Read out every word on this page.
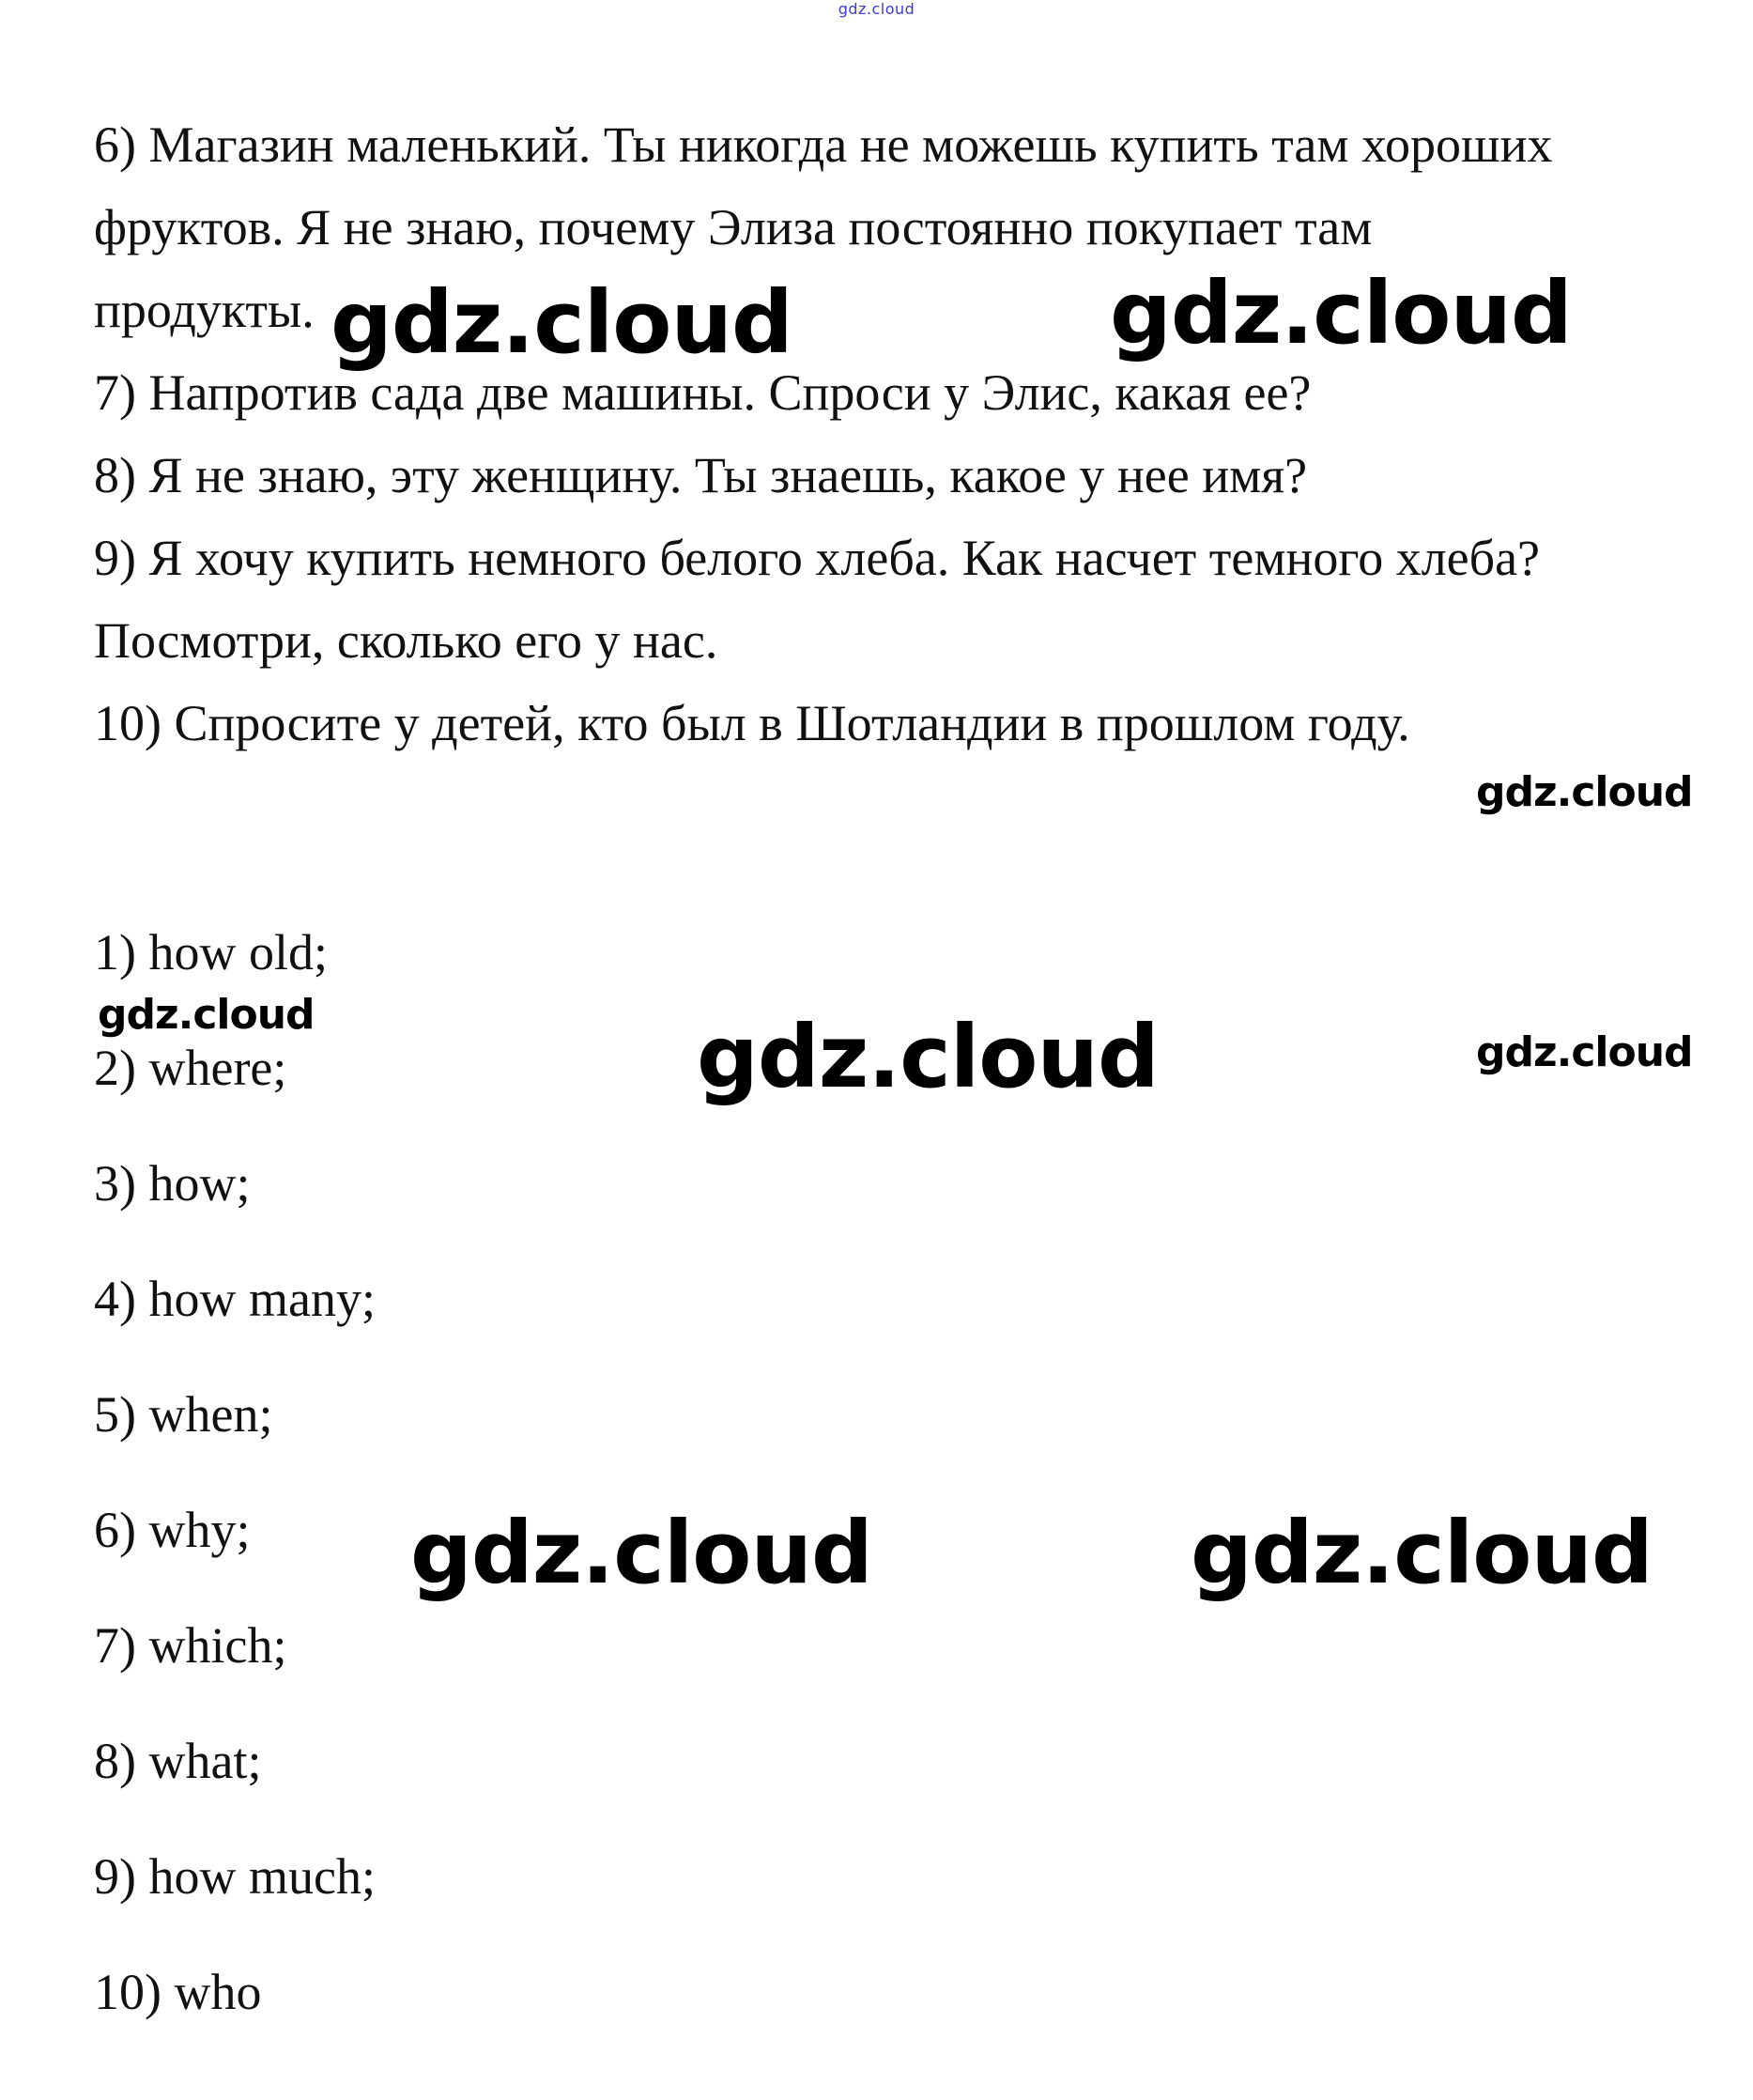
gdz.cloud

6) Магазин маленький. Ты никогда не можешь купить там хороших

фруктов. Я не знаю, почему Элиза постоянно покупает там

продукты.

7) Напротив сада две машины. Спроси у Элис, какая ее?

8) Я не знаю, эту женщину. Ты знаешь, какое у нее имя?

9) Я хочу купить немного белого хлеба. Как насчет темного хлеба?

Посмотри, сколько его у нас.

10) Спросите у детей, кто был в Шотландии в прошлом году.

1) how old;
2) where;
3) how;
4) how many;
5) when;
6) why;
7) which;
8) what;
9) how much;
10) who
gdz.cloud	gdz.cloud
gdz.cloud
gdz.cloud	gdz.cloud	gdz.cloud
gdz.cloud	gdz.cloud
